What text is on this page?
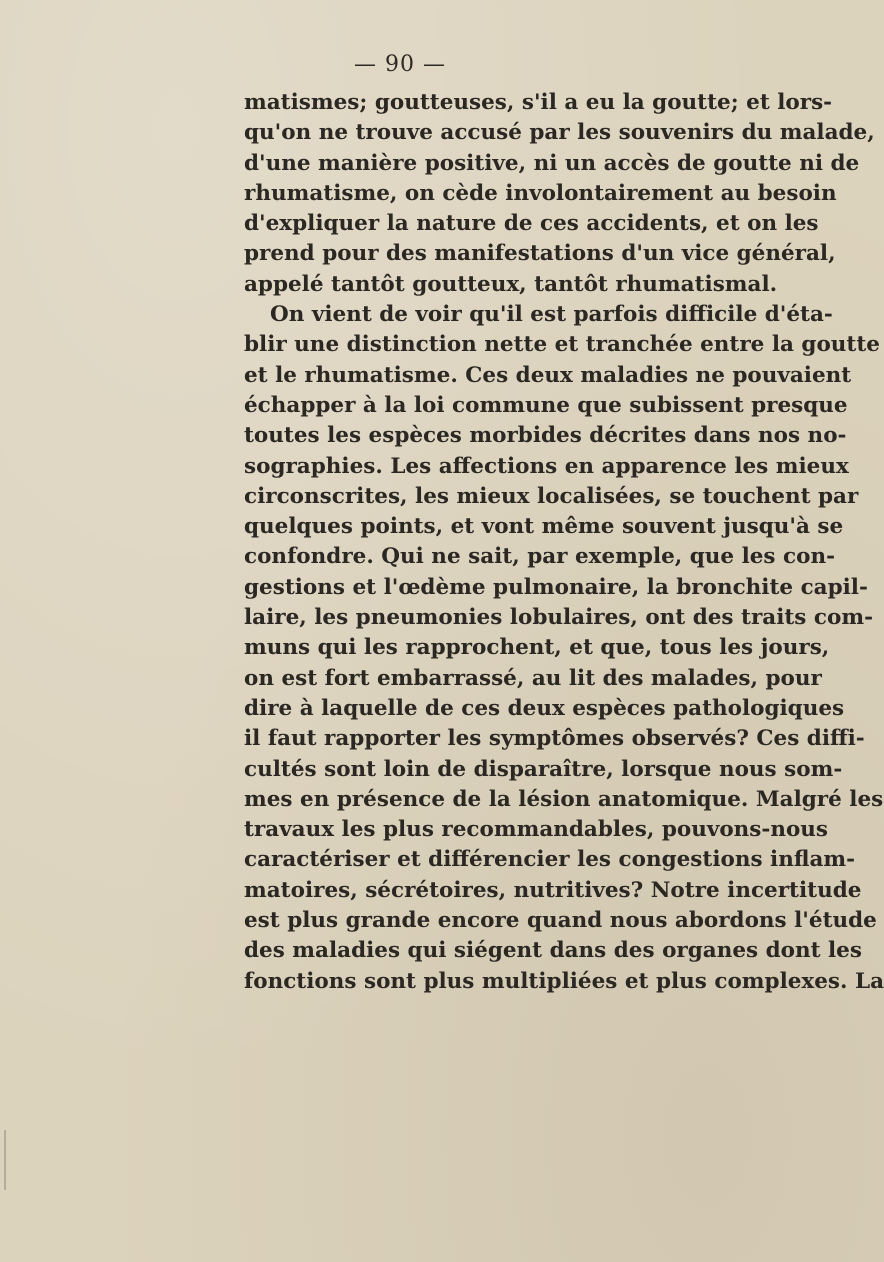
— 90 —
matismes; goutteuses, s'il a eu la goutte; et lors-
qu'on ne trouve accusé par les souvenirs du malade,
d'une manière positive, ni un accès de goutte ni de
rhumatisme, on cède involontairement au besoin
d'expliquer la nature de ces accidents, et on les
prend pour des manifestations d'un vice général,
appelé tantôt goutteux, tantôt rhumatismal.
On vient de voir qu'il est parfois difficile d'éta-
blir une distinction nette et tranchée entre la goutte
et le rhumatisme. Ces deux maladies ne pouvaient
échapper à la loi commune que subissent presque
toutes les espèces morbides décrites dans nos no-
sographies. Les affections en apparence les mieux
circonscrites, les mieux localisées, se touchent par
quelques points, et vont même souvent jusqu'à se
confondre. Qui ne sait, par exemple, que les con-
gestions et l'œdème pulmonaire, la bronchite capil-
laire, les pneumonies lobulaires, ont des traits com-
muns qui les rapprochent, et que, tous les jours,
on est fort embarrassé, au lit des malades, pour
dire à laquelle de ces deux espèces pathologiques
il faut rapporter les symptômes observés? Ces diffi-
cultés sont loin de disparaître, lorsque nous som-
mes en présence de la lésion anatomique. Malgré les
travaux les plus recommandables, pouvons-nous
caractériser et différencier les congestions inflam-
matoires, sécrétoires, nutritives? Notre incertitude
est plus grande encore quand nous abordons l'étude
des maladies qui siégent dans des organes dont les
fonctions sont plus multipliées et plus complexes. La
